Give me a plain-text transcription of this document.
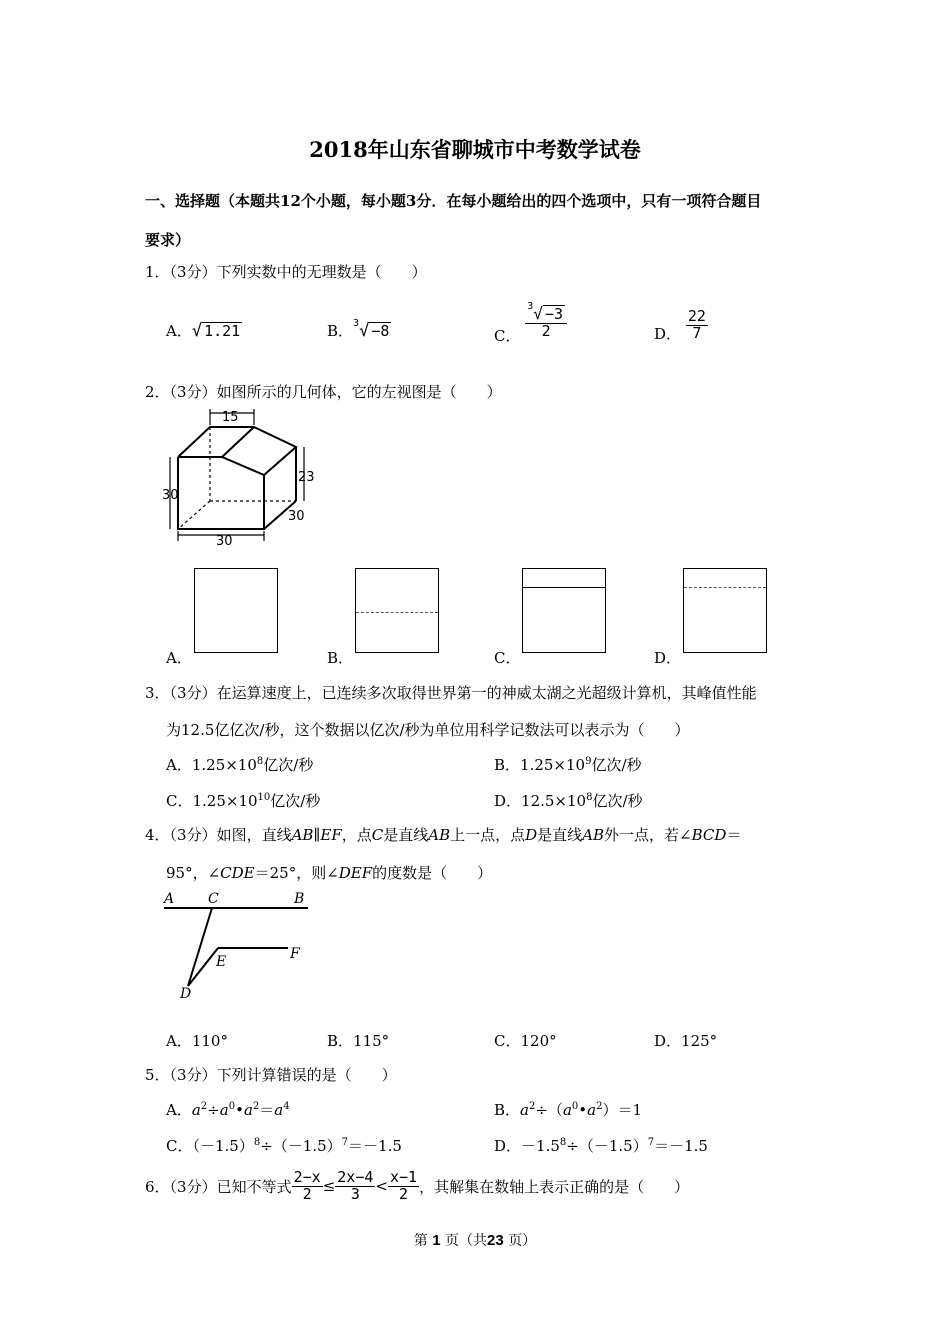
2018年山东省聊城市中考数学试卷
一、选择题（本题共12个小题，每小题3分．在每小题给出的四个选项中，只有一项符合题目
要求）
1．（3分）下列实数中的无理数是（　　）
A．√ 1.21	B．$^3$√ −8	C． $\frac{^3√ -3}{2}$	D． $\frac{22}{7}$
2．（3分）如图所示的几何体，它的左视图是（　　）
15
30
23
30
30
A．	B．	C．	D．
3．（3分）在运算速度上，已连续多次取得世界第一的神威太湖之光超级计算机，其峰值性能
为12.5亿亿次/秒，这个数据以亿次/秒为单位用科学记数法可以表示为（　　）
A．$1.25\times 10^8$亿次/秒	B．$1.25\times 10^9$亿次/秒
C．$1.25\times 10^{10}$亿次/秒	D．$12.5\times 10^8$亿次/秒
4．（3分）如图，直线AB∥EF，点C是直线AB上一点，点D是直线AB外一点，若∠BCD＝
95°，∠CDE＝25°，则∠DEF的度数是（　　）
A C	B
E	F
D
A．110°	B．115°	C．120°	D．125°
5．（3分）下列计算错误的是（　　）
A．$a^2\div a^0•a^2=a^4$	B．$a^2\div(a^0•a^2)=1$
C．$(-1.5)^8\div(-1.5)^7=-1.5$	D．$-1.5^8\div(-1.5)^7=-1.5$
6．（3分）已知不等式 $\frac{2-x}{2} \le \frac{2x-4}{3} < \frac{x-1}{2}$ ，其解集在数轴上表示正确的是（　　）
第 1 页（共23 页）
